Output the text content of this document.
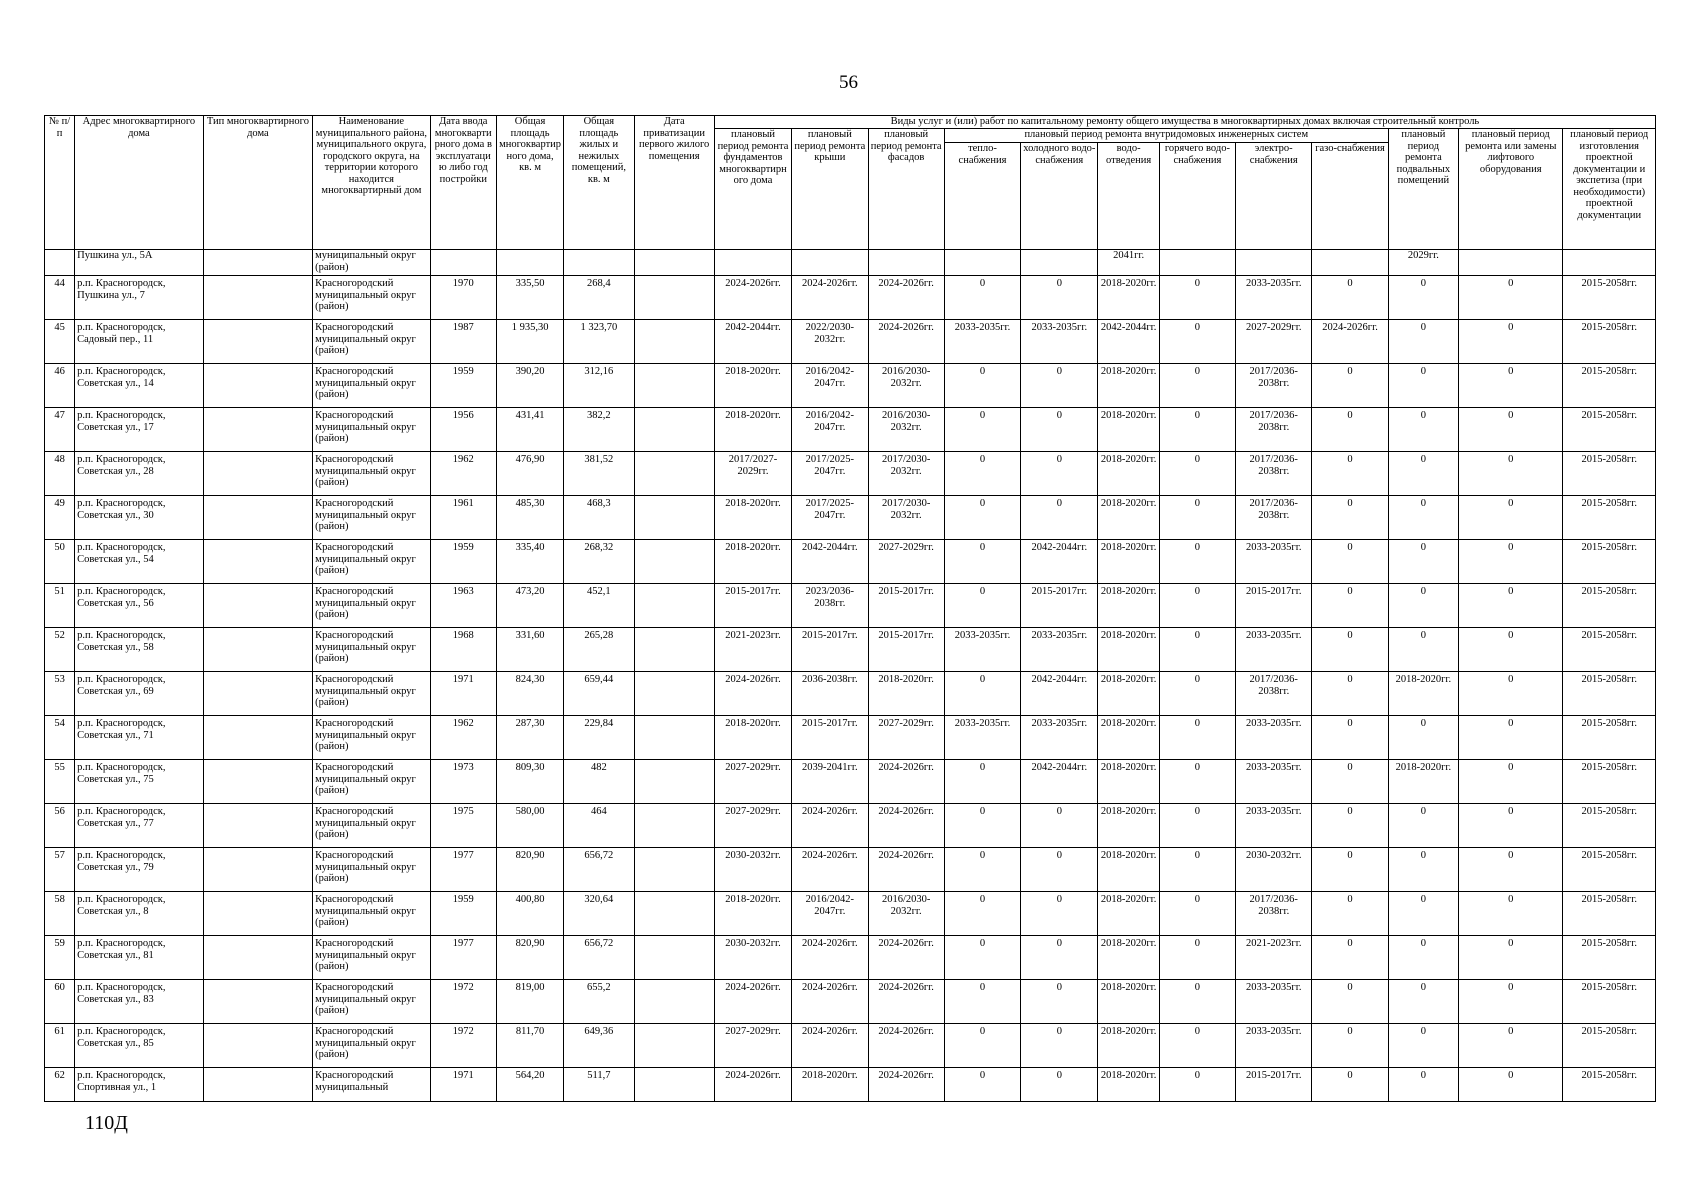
56
№ п/п	Адрес многоквартирного дома	Тип многоквартирного дома	Наименование муниципального района, муниципального округа, городского округа, на территории которого находится многоквартирный дом	Дата ввода многоквартирного дома в эксплуатацию либо год постройки	Общая площадь многоквартирного дома, кв. м	Общая площадь жилых и нежилых помещений, кв. м	Дата приватизации первого жилого помещения	Виды услуг и (или) работ по капитальному ремонту общего имущества в многоквартирных домах включая строительный контроль											
								плановый период ремонта фундаментов многоквартирного дома	плановый период ремонта крыши	плановый период ремонта фасадов	плановый период ремонта внутридомовых инженерных систем						плановый период ремонта подвальных помещений	плановый период ремонта или замены лифтового оборудования	плановый период изготовления проектной документации и экспетиза (при необходимости) проектной документации
											тепло-снабжения	холодного водо-снабжения	водо-отведения	горячего водо-снабжения	электро-снабжения	газо-снабжения			
	Пушкина ул., 5А		муниципальный округ (район)										2041гг.				2029гг.		
44	р.п. Красногородск, Пушкина ул., 7		Красногородский муниципальный округ (район)	1970	335,50	268,4		2024-2026гг.	2024-2026гг.	2024-2026гг.	0	0	2018-2020гг.	0	2033-2035гг.	0	0	0	2015-2058гг.
45	р.п. Красногородск, Садовый пер., 11		Красногородский муниципальный округ (район)	1987	1 935,30	1 323,70		2042-2044гг.	2022/2030-2032гг.	2024-2026гг.	2033-2035гг.	2033-2035гг.	2042-2044гг.	0	2027-2029гг.	2024-2026гг.	0	0	2015-2058гг.
46	р.п. Красногородск, Советская ул., 14		Красногородский муниципальный округ (район)	1959	390,20	312,16		2018-2020гг.	2016/2042-2047гг.	2016/2030-2032гг.	0	0	2018-2020гг.	0	2017/2036-2038гг.	0	0	0	2015-2058гг.
47	р.п. Красногородск, Советская ул., 17		Красногородский муниципальный округ (район)	1956	431,41	382,2		2018-2020гг.	2016/2042-2047гг.	2016/2030-2032гг.	0	0	2018-2020гг.	0	2017/2036-2038гг.	0	0	0	2015-2058гг.
48	р.п. Красногородск, Советская ул., 28		Красногородский муниципальный округ (район)	1962	476,90	381,52		2017/2027-2029гг.	2017/2025-2047гг.	2017/2030-2032гг.	0	0	2018-2020гг.	0	2017/2036-2038гг.	0	0	0	2015-2058гг.
49	р.п. Красногородск, Советская ул., 30		Красногородский муниципальный округ (район)	1961	485,30	468,3		2018-2020гг.	2017/2025-2047гг.	2017/2030-2032гг.	0	0	2018-2020гг.	0	2017/2036-2038гг.	0	0	0	2015-2058гг.
50	р.п. Красногородск, Советская ул., 54		Красногородский муниципальный округ (район)	1959	335,40	268,32		2018-2020гг.	2042-2044гг.	2027-2029гг.	0	2042-2044гг.	2018-2020гг.	0	2033-2035гг.	0	0	0	2015-2058гг.
51	р.п. Красногородск, Советская ул., 56		Красногородский муниципальный округ (район)	1963	473,20	452,1		2015-2017гг.	2023/2036-2038гг.	2015-2017гг.	0	2015-2017гг.	2018-2020гг.	0	2015-2017гг.	0	0	0	2015-2058гг.
52	р.п. Красногородск, Советская ул., 58		Красногородский муниципальный округ (район)	1968	331,60	265,28		2021-2023гг.	2015-2017гг.	2015-2017гг.	2033-2035гг.	2033-2035гг.	2018-2020гг.	0	2033-2035гг.	0	0	0	2015-2058гг.
53	р.п. Красногородск, Советская ул., 69		Красногородский муниципальный округ (район)	1971	824,30	659,44		2024-2026гг.	2036-2038гг.	2018-2020гг.	0	2042-2044гг.	2018-2020гг.	0	2017/2036-2038гг.	0	2018-2020гг.	0	2015-2058гг.
54	р.п. Красногородск, Советская ул., 71		Красногородский муниципальный округ (район)	1962	287,30	229,84		2018-2020гг.	2015-2017гг.	2027-2029гг.	2033-2035гг.	2033-2035гг.	2018-2020гг.	0	2033-2035гг.	0	0	0	2015-2058гг.
55	р.п. Красногородск, Советская ул., 75		Красногородский муниципальный округ (район)	1973	809,30	482		2027-2029гг.	2039-2041гг.	2024-2026гг.	0	2042-2044гг.	2018-2020гг.	0	2033-2035гг.	0	2018-2020гг.	0	2015-2058гг.
56	р.п. Красногородск, Советская ул., 77		Красногородский муниципальный округ (район)	1975	580,00	464		2027-2029гг.	2024-2026гг.	2024-2026гг.	0	0	2018-2020гг.	0	2033-2035гг.	0	0	0	2015-2058гг.
57	р.п. Красногородск, Советская ул., 79		Красногородский муниципальный округ (район)	1977	820,90	656,72		2030-2032гг.	2024-2026гг.	2024-2026гг.	0	0	2018-2020гг.	0	2030-2032гг.	0	0	0	2015-2058гг.
58	р.п. Красногородск, Советская ул., 8		Красногородский муниципальный округ (район)	1959	400,80	320,64		2018-2020гг.	2016/2042-2047гг.	2016/2030-2032гг.	0	0	2018-2020гг.	0	2017/2036-2038гг.	0	0	0	2015-2058гг.
59	р.п. Красногородск, Советская ул., 81		Красногородский муниципальный округ (район)	1977	820,90	656,72		2030-2032гг.	2024-2026гг.	2024-2026гг.	0	0	2018-2020гг.	0	2021-2023гг.	0	0	0	2015-2058гг.
60	р.п. Красногородск, Советская ул., 83		Красногородский муниципальный округ (район)	1972	819,00	655,2		2024-2026гг.	2024-2026гг.	2024-2026гг.	0	0	2018-2020гг.	0	2033-2035гг.	0	0	0	2015-2058гг.
61	р.п. Красногородск, Советская ул., 85		Красногородский муниципальный округ (район)	1972	811,70	649,36		2027-2029гг.	2024-2026гг.	2024-2026гг.	0	0	2018-2020гг.	0	2033-2035гг.	0	0	0	2015-2058гг.
62	р.п. Красногородск, Спортивная ул., 1		Красногородский муниципальный	1971	564,20	511,7		2024-2026гг.	2018-2020гг.	2024-2026гг.	0	0	2018-2020гг.	0	2015-2017гг.	0	0	0	2015-2058гг.
110Д
